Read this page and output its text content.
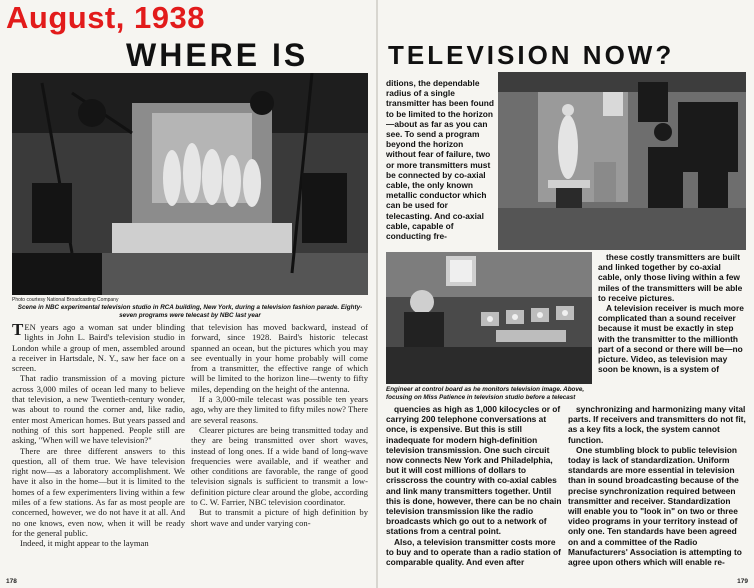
August, 1938
WHERE IS
Photo courtesy National Broadcasting Company
Scene in NBC experimental television studio in RCA building, New York, during a television fashion parade. Eighty-seven programs were telecast by NBC last year

TEN years ago a woman sat under blinding lights in John L. Baird's television studio in London while a group of men, assembled around a receiver in Hartsdale, N. Y., saw her face on a screen.

That radio transmission of a moving picture across 3,000 miles of ocean led many to believe that television, a new Twentieth-century wonder, was about to round the corner and, like radio, enter most American homes. But years passed and nothing of this sort happened. People still are asking, "When will we have television?"

There are three different answers to this question, all of them true. We have television right now—as a laboratory accomplishment. We have it also in the home—but it is limited to the homes of a few experimenters living within a few miles of a few stations. As far as most people are concerned, however, we do not have it at all. And no one knows, even now, when it will be ready for the general public.

Indeed, it might appear to the layman

that television has moved backward, instead of forward, since 1928. Baird's historic telecast spanned an ocean, but the pictures which you may see eventually in your home probably will come from a transmitter, the effective range of which will be limited to the horizon line—twenty to fifty miles, depending on the height of the antenna.

If a 3,000-mile telecast was possible ten years ago, why are they limited to fifty miles now? There are several reasons.

Clearer pictures are being transmitted today and they are being transmitted over short waves, instead of long ones. If a wide band of long-wave frequencies were available, and if weather and other conditions are favorable, the range of good television signals is sufficient to transmit a low-definition picture clear around the globe, according to C. W. Farrier, NBC television coordinator.

But to transmit a picture of high definition by short wave and under varying con-

178
TELEVISION NOW?
ditions, the dependable radius of a single transmitter has been found to be limited to the horizon—about as far as you can see. To send a program beyond the horizon without fear of failure, two or more transmitters must be connected by co-axial cable, the only known metallic conductor which can be used for telecasting. And co-axial cable, capable of conducting fre-

these costly transmitters are built and linked together by co-axial cable, only those living within a few miles of the transmitters will be able to receive pictures.

A television receiver is much more complicated than a sound receiver because it must be exactly in step with the transmitter to the millionth part of a second or there will be—no picture. Video, as television may soon be known, is a system of

Engineer at control board as he monitors television image. Above, focusing on Miss Patience in television studio before a telecast

quencies as high as 1,000 kilocycles or of carrying 200 telephone conversations at once, is expensive. But this is still inadequate for modern high-definition television transmission. One such circuit now connects New York and Philadelphia, but it will cost millions of dollars to crisscross the country with co-axial cables and link many transmitters together. Until this is done, however, there can be no chain television transmission like the radio broadcasts which go out to a network of stations from a central point.

Also, a television transmitter costs more to buy and to operate than a radio station of comparable quality. And even after

synchronizing and harmonizing many vital parts. If receivers and transmitters do not fit, as a key fits a lock, the system cannot function.

One stumbling block to public television today is lack of standardization. Uniform standards are more essential in television than in sound broadcasting because of the precise synchronization required between transmitter and receiver. Standardization will enable you to "look in" on two or three video programs in your territory instead of only one. Ten standards have been agreed on and a committee of the Radio Manufacturers' Association is attempting to agree upon others which will enable re-

179
